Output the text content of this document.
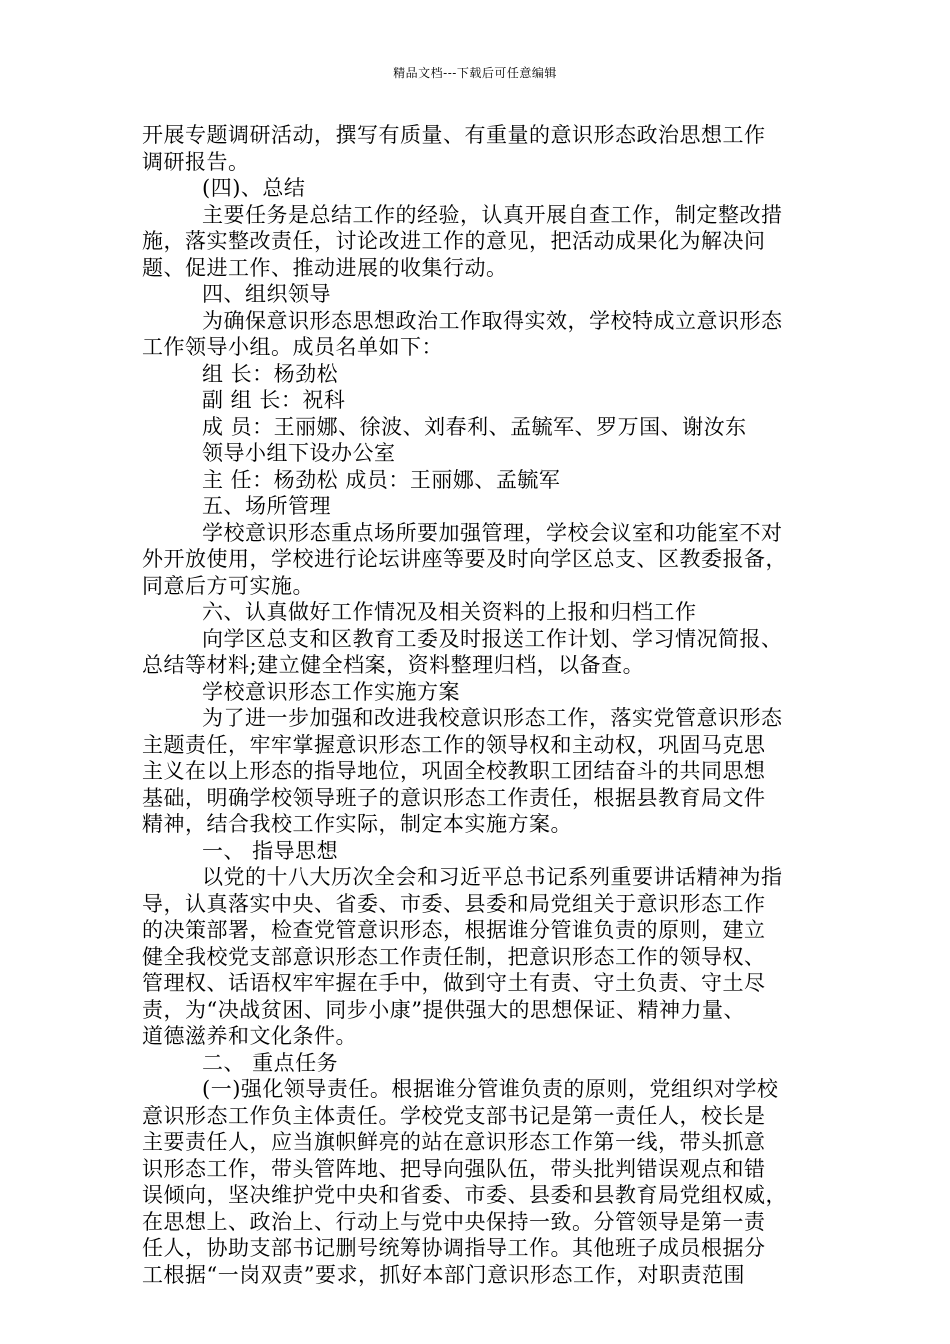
精品文档---下载后可任意编辑
开展专题调研活动，撰写有质量、有重量的意识形态政治思想工作
调研报告。
(四)、总结
主要任务是总结工作的经验，认真开展自查工作，制定整改措
施，落实整改责任，讨论改进工作的意见，把活动成果化为解决问
题、促进工作、推动进展的收集行动。
四、组织领导
为确保意识形态思想政治工作取得实效，学校特成立意识形态
工作领导小组。成员名单如下：
组 长：杨劲松
副 组 长：祝科
成 员：王丽娜、徐波、刘春利、孟毓军、罗万国、谢汝东
领导小组下设办公室
主 任：杨劲松 成员：王丽娜、孟毓军
五、场所管理
学校意识形态重点场所要加强管理，学校会议室和功能室不对
外开放使用，学校进行论坛讲座等要及时向学区总支、区教委报备，
同意后方可实施。
六、认真做好工作情况及相关资料的上报和归档工作
向学区总支和区教育工委及时报送工作计划、学习情况简报、
总结等材料;建立健全档案，资料整理归档，以备查。
学校意识形态工作实施方案
为了进一步加强和改进我校意识形态工作，落实党管意识形态
主题责任，牢牢掌握意识形态工作的领导权和主动权，巩固马克思
主义在以上形态的指导地位，巩固全校教职工团结奋斗的共同思想
基础，明确学校领导班子的意识形态工作责任，根据县教育局文件
精神，结合我校工作实际，制定本实施方案。
一、 指导思想
以党的十八大历次全会和习近平总书记系列重要讲话精神为指
导，认真落实中央、省委、市委、县委和局党组关于意识形态工作
的决策部署，检查党管意识形态，根据谁分管谁负责的原则，建立
健全我校党支部意识形态工作责任制，把意识形态工作的领导权、
管理权、话语权牢牢握在手中，做到守土有责、守土负责、守土尽
责，为“决战贫困、同步小康”提供强大的思想保证、精神力量、
道德滋养和文化条件。
二、 重点任务
(一)强化领导责任。根据谁分管谁负责的原则，党组织对学校
意识形态工作负主体责任。学校党支部书记是第一责任人，校长是
主要责任人，应当旗帜鲜亮的站在意识形态工作第一线，带头抓意
识形态工作，带头管阵地、把导向强队伍，带头批判错误观点和错
误倾向，坚决维护党中央和省委、市委、县委和县教育局党组权威，
在思想上、政治上、行动上与党中央保持一致。分管领导是第一责
任人，协助支部书记删号统筹协调指导工作。其他班子成员根据分
工根据“一岗双责”要求，抓好本部门意识形态工作，对职责范围
